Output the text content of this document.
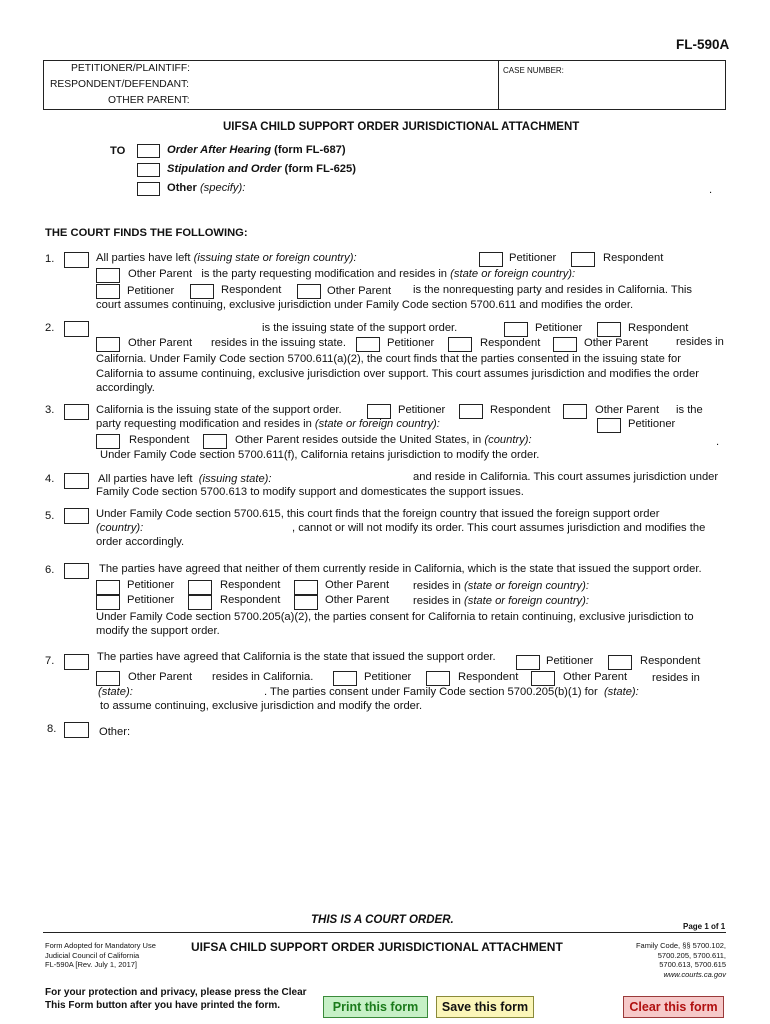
FL-590A
PETITIONER/PLAINTIFF:
RESPONDENT/DEFENDANT:
OTHER PARENT:
CASE NUMBER:
UIFSA CHILD SUPPORT ORDER JURISDICTIONAL ATTACHMENT
TO	Order After Hearing (form FL-687)
Stipulation and Order (form FL-625)
Other (specify):	.
THE COURT FINDS THE FOLLOWING:
1.	All parties have left (issuing state or foreign country):	Petitioner	Respondent
Other Parent is the party requesting modification and resides in (state or foreign country):
Petitioner	Respondent	Other Parent is the nonrequesting party and resides in California. This
court assumes continuing, exclusive jurisdiction under Family Code section 5700.611 and modifies the order.
2.	is the issuing state of the support order.	Petitioner	Respondent
Other Parent resides in the issuing state.	Petitioner	Respondent	Other Parent resides in
California. Under Family Code section 5700.611(a)(2), the court finds that the parties consented in the issuing state for
California to assume continuing, exclusive jurisdiction over support. This court assumes jurisdiction and modifies the order
accordingly.
3.	California is the issuing state of the support order.	Petitioner	Respondent	Other Parent is the
party requesting modification and resides in (state or foreign country):	Petitioner
Respondent	Other Parent resides outside the United States, in (country):	.
Under Family Code section 5700.611(f), California retains jurisdiction to modify the order.
4.	All parties have left (issuing state):	and reside in California. This court assumes jurisdiction under
Family Code section 5700.613 to modify support and domesticates the support issues.
5.	Under Family Code section 5700.615, this court finds that the foreign country that issued the foreign support order
(country):	, cannot or will not modify its order. This court assumes jurisdiction and modifies the
order accordingly.
6.	The parties have agreed that neither of them currently reside in California, which is the state that issued the support order.
Petitioner	Respondent	Other Parent resides in (state or foreign country):
Petitioner	Respondent	Other Parent resides in (state or foreign country):
Under Family Code section 5700.205(a)(2), the parties consent for California to retain continuing, exclusive jurisdiction to
modify the support order.
7.	The parties have agreed that California is the state that issued the support order.	Petitioner	Respondent
Other Parent resides in California.	Petitioner	Respondent	Other Parent resides in
(state):	. The parties consent under Family Code section 5700.205(b)(1) for (state):
to assume continuing, exclusive jurisdiction and modify the order.
8.	Other:
THIS IS A COURT ORDER.
Page 1 of 1
Form Adopted for Mandatory Use
Judicial Council of California
FL-590A [Rev. July 1, 2017]
UIFSA CHILD SUPPORT ORDER JURISDICTIONAL ATTACHMENT	Family Code, §§ 5700.102,
5700.205, 5700.611,
5700.613, 5700.615
www.courts.ca.gov
For your protection and privacy, please press the Clear
This Form button after you have printed the form.	Print this form	Save this form	Clear this form
